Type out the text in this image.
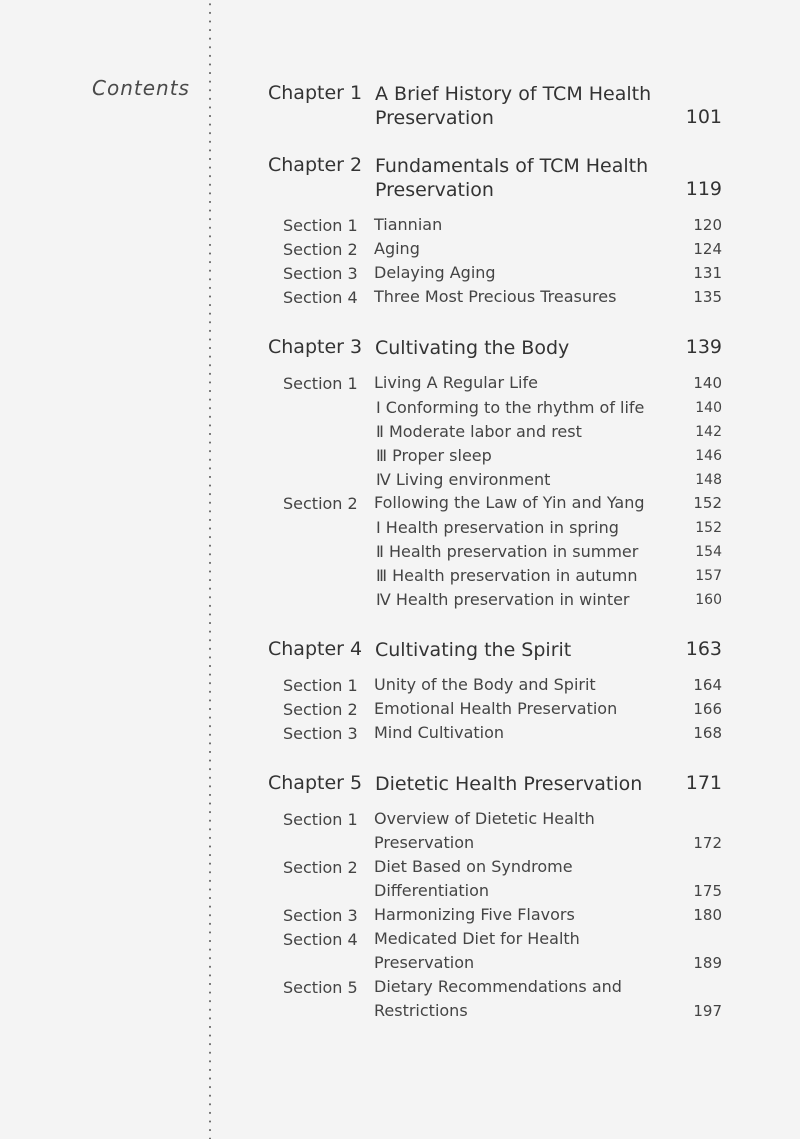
Contents	Chapter 1 A Brief History of TCM Health
Preservation	101
Chapter 2 Fundamentals of TCM Health
Preservation	119
Section 1 Tiannian	120
Section 2 Aging	124
Section 3 Delaying Aging	131
Section 4 Three Most Precious Treasures	135
Chapter 3 Cultivating the Body	139
Section 1 Living A Regular Life	140
Ⅰ Conforming to the rhythm of life	140
Ⅱ Moderate labor and rest	142
Ⅲ Proper sleep	146
Ⅳ Living environment	148
Section 2 Following the Law of Yin and Yang	152
Ⅰ Health preservation in spring	152
Ⅱ Health preservation in summer	154
Ⅲ Health preservation in autumn	157
Ⅳ Health preservation in winter	160
Chapter 4 Cultivating the Spirit	163
Section 1 Unity of the Body and Spirit	164
Section 2 Emotional Health Preservation	166
Section 3 Mind Cultivation	168
Chapter 5 Dietetic Health Preservation 171
Section 1 Overview of Dietetic Health
Preservation	172
Section 2 Diet Based on Syndrome
Differentiation	175
Section 3 Harmonizing Five Flavors	180
Section 4 Medicated Diet for Health
Preservation	189
Section 5 Dietary Recommendations and
Restrictions	197
